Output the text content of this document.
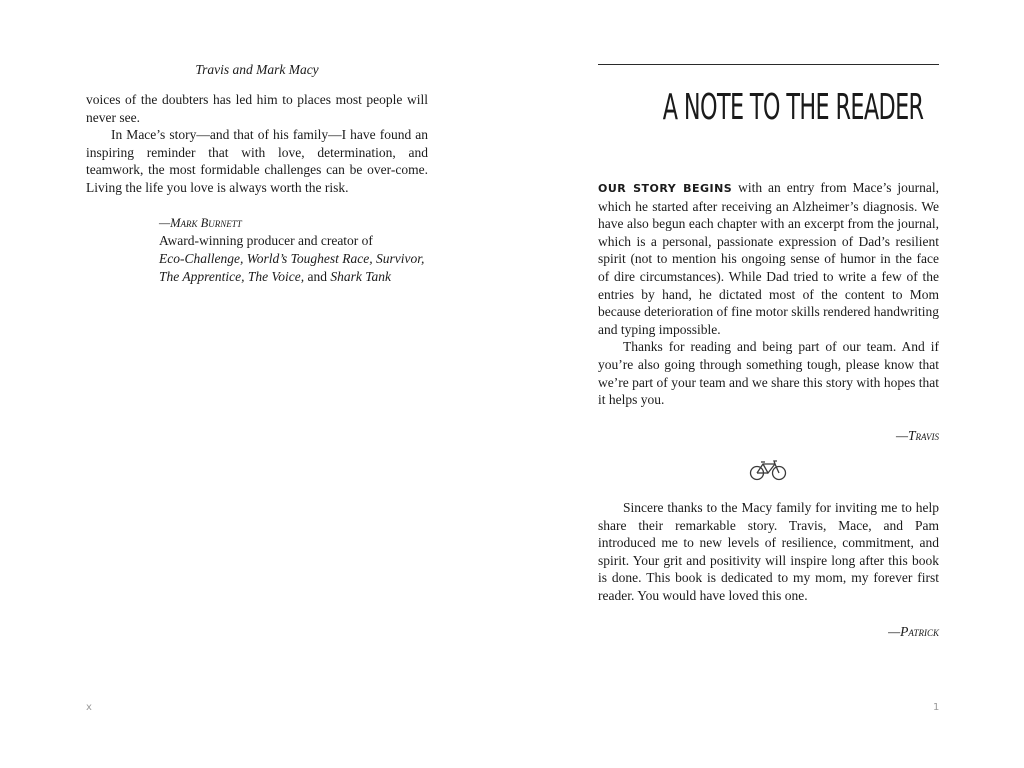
Travis and Mark Macy

voices of the doubters has led him to places most people will never see.

In Mace’s story—and that of his family—I have found an inspiring reminder that with love, determination, and teamwork, the most formidable challenges can be over-come. Living the life you love is always worth the risk.

—Mark Burnett
Award-winning producer and creator of
Eco-Challenge, World’s Toughest Race, Survivor,
The Apprentice, The Voice, and Shark Tank
x
A NOTE TO THE READER

OUR STORY BEGINS with an entry from Mace’s journal, which he started after receiving an Alzheimer’s diagnosis. We have also begun each chapter with an excerpt from the journal, which is a personal, passionate expression of Dad’s resilient spirit (not to mention his ongoing sense of humor in the face of dire circumstances). While Dad tried to write a few of the entries by hand, he dictated most of the content to Mom because deterioration of fine motor skills rendered handwriting and typing impossible.

Thanks for reading and being part of our team. And if you’re also going through something tough, please know that we’re part of your team and we share this story with hopes that it helps you.

—Travis

Sincere thanks to the Macy family for inviting me to help share their remarkable story. Travis, Mace, and Pam introduced me to new levels of resilience, commitment, and spirit. Your grit and positivity will inspire long after this book is done. This book is dedicated to my mom, my forever first reader. You would have loved this one.

—Patrick
1
